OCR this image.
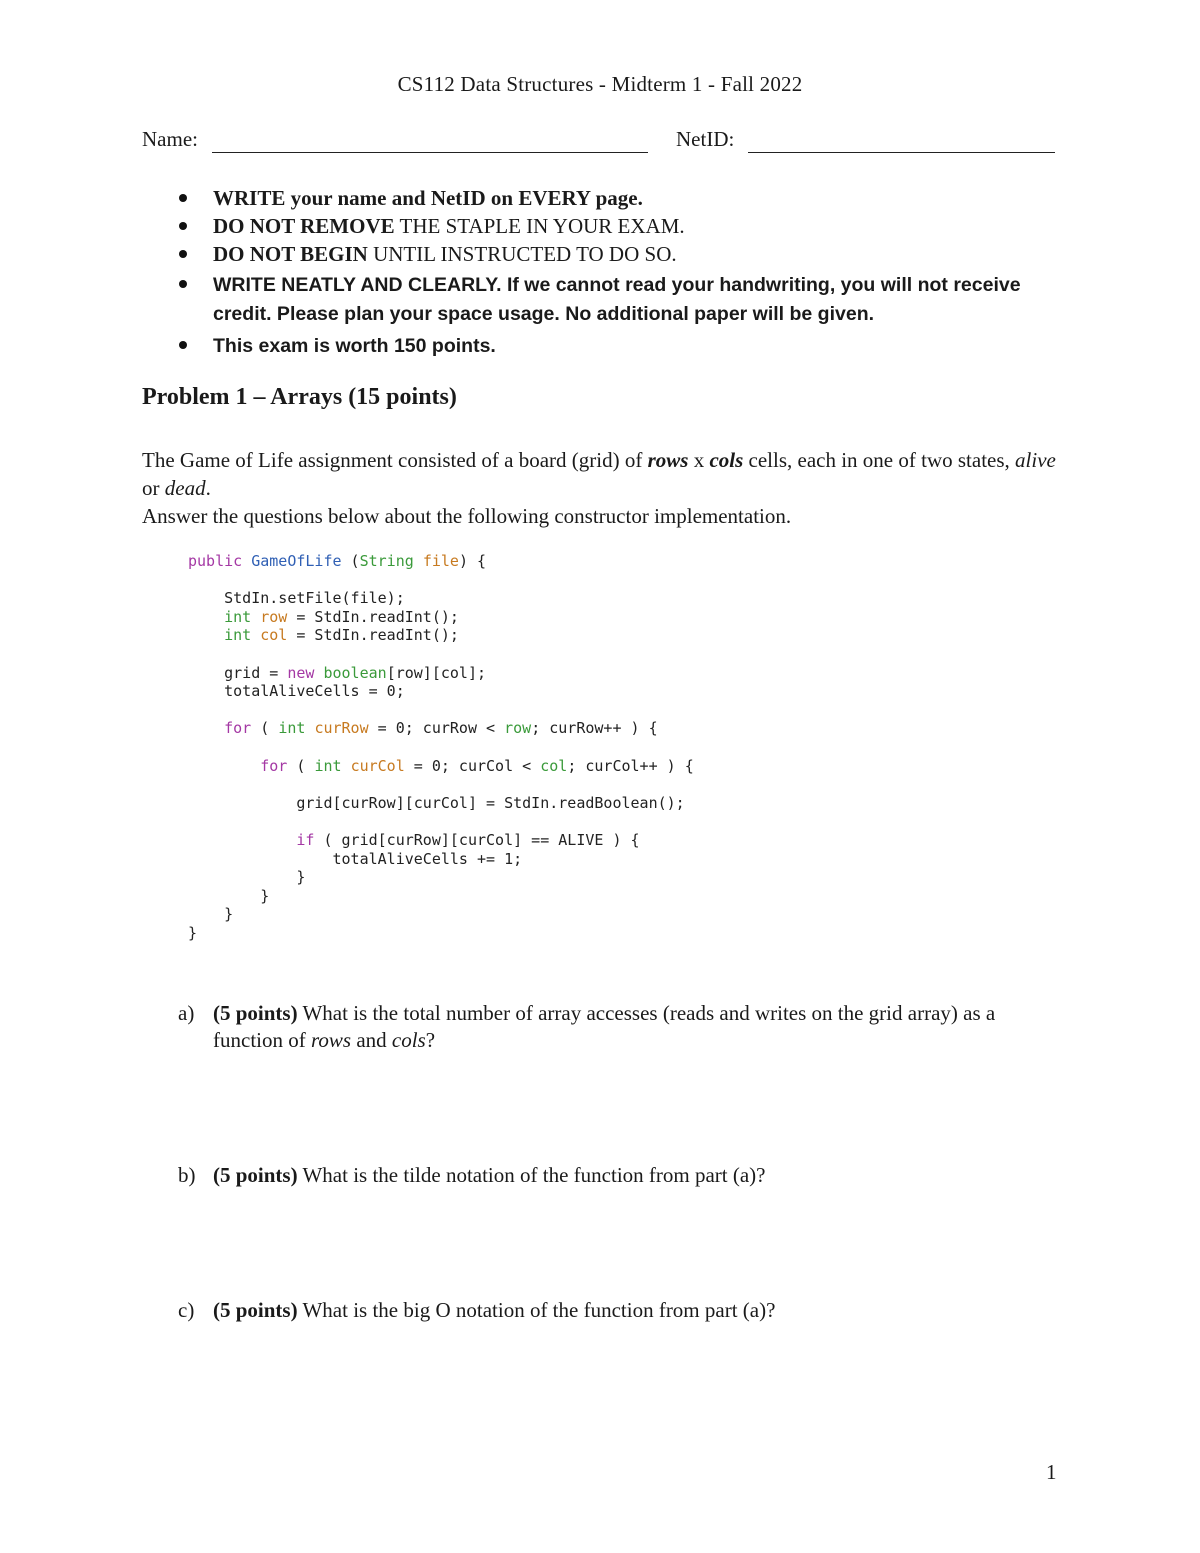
CS112 Data Structures - Midterm 1 - Fall 2022
Name:	NetID:
WRITE your name and NetID on EVERY page.
DO NOT REMOVE THE STAPLE IN YOUR EXAM.
DO NOT BEGIN UNTIL INSTRUCTED TO DO SO.
WRITE NEATLY AND CLEARLY. If we cannot read your handwriting, you will not receive credit. Please plan your space usage. No additional paper will be given.
This exam is worth 150 points.
Problem 1 – Arrays (15 points)
The Game of Life assignment consisted of a board (grid) of rows x cols cells, each in one of two states, alive or dead.
Answer the questions below about the following constructor implementation.
public GameOfLife (String file) {

StdIn.setFile(file);
int row = StdIn.readInt();
int col = StdIn.readInt();

grid = new boolean[row][col];
totalAliveCells = 0;

for ( int curRow = 0; curRow < row; curRow++ ) {

for ( int curCol = 0; curCol < col; curCol++ ) {

grid[curRow][curCol] = StdIn.readBoolean();

if ( grid[curRow][curCol] == ALIVE ) {
totalAliveCells += 1;
}
}
}
}
a) (5 points) What is the total number of array accesses (reads and writes on the grid array) as a function of rows and cols?
b) (5 points) What is the tilde notation of the function from part (a)?
c) (5 points) What is the big O notation of the function from part (a)?
1
